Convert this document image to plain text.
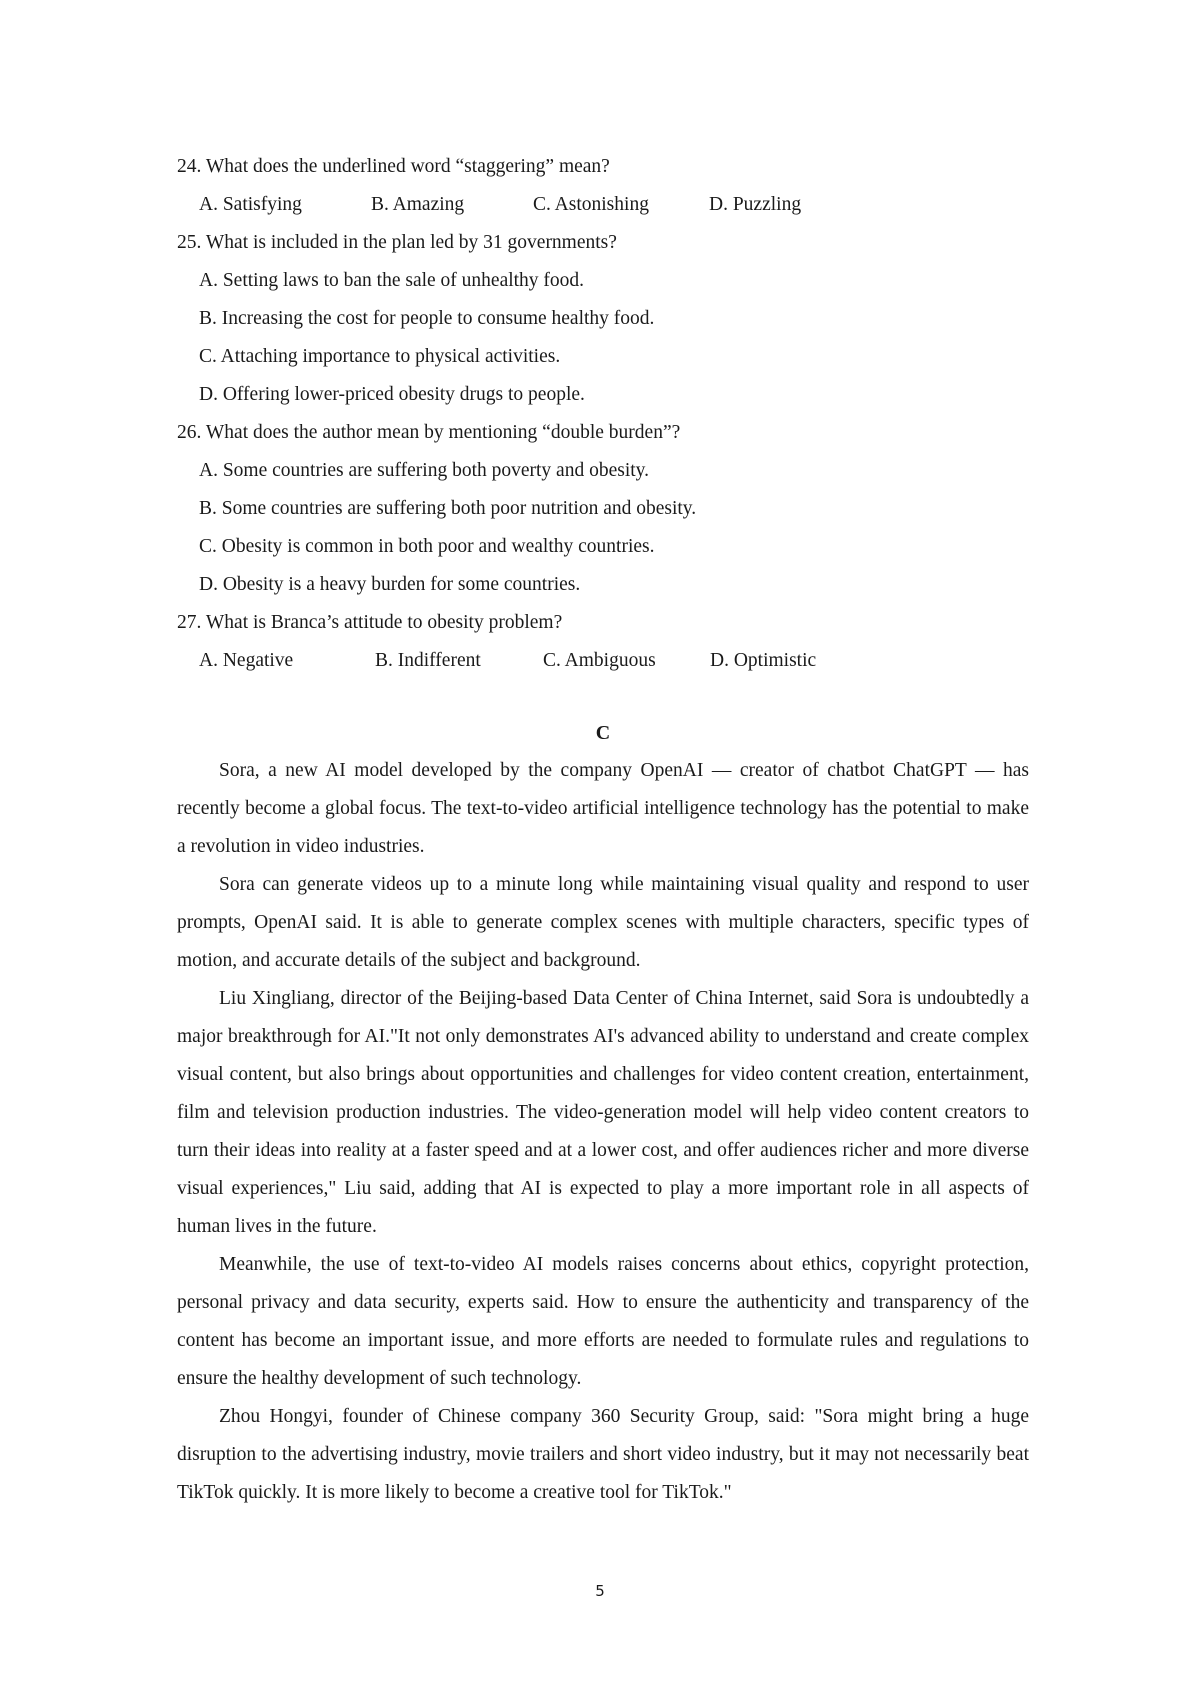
24. What does the underlined word “staggering” mean?

A. Satisfying	B. Amazing	C. Astonishing	D. Puzzling

25. What is included in the plan led by 31 governments?

A. Setting laws to ban the sale of unhealthy food.

B. Increasing the cost for people to consume healthy food.

C. Attaching importance to physical activities.

D. Offering lower-priced obesity drugs to people.

26. What does the author mean by mentioning “double burden”?

A. Some countries are suffering both poverty and obesity.

B. Some countries are suffering both poor nutrition and obesity.

C. Obesity is common in both poor and wealthy countries.

D. Obesity is a heavy burden for some countries.

27. What is Branca’s attitude to obesity problem?

A. Negative	B. Indifferent	C. Ambiguous	D. Optimistic
C

Sora, a new AI model developed by the company OpenAI — creator of chatbot ChatGPT — has recently become a global focus. The text-to-video artificial intelligence technology has the potential to make a revolution in video industries.

Sora can generate videos up to a minute long while maintaining visual quality and respond to user prompts, OpenAI said. It is able to generate complex scenes with multiple characters, specific types of motion, and accurate details of the subject and background.

Liu Xingliang, director of the Beijing-based Data Center of China Internet, said Sora is undoubtedly a major breakthrough for AI."It not only demonstrates AI's advanced ability to understand and create complex visual content, but also brings about opportunities and challenges for video content creation, entertainment, film and television production industries. The video-generation model will help video content creators to turn their ideas into reality at a faster speed and at a lower cost, and offer audiences richer and more diverse visual experiences," Liu said, adding that AI is expected to play a more important role in all aspects of human lives in the future.

Meanwhile, the use of text-to-video AI models raises concerns about ethics, copyright protection, personal privacy and data security, experts said. How to ensure the authenticity and transparency of the content has become an important issue, and more efforts are needed to formulate rules and regulations to ensure the healthy development of such technology.

Zhou Hongyi, founder of Chinese company 360 Security Group, said: "Sora might bring a huge disruption to the advertising industry, movie trailers and short video industry, but it may not necessarily beat TikTok quickly. It is more likely to become a creative tool for TikTok."

5
